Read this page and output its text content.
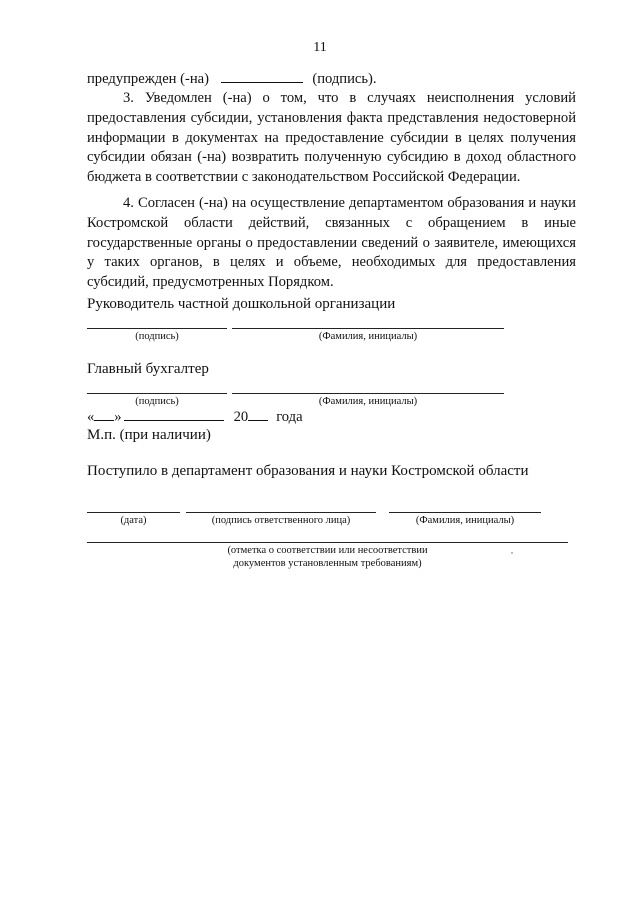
11
предупрежден (-на)	(подпись).
3. Уведомлен (-на) о том, что в случаях неисполнения условий предоставления субсидии, установления факта представления недостоверной информации в документах на предоставление субсидии в целях получения субсидии обязан (-на) возвратить полученную субсидию в доход областного бюджета в соответствии с законодательством Российской Федерации.
4. Согласен (-на) на осуществление департаментом образования и науки Костромской области действий, связанных с обращением в иные государственные органы о предоставлении сведений о заявителе, имеющихся у таких органов, в целях и объеме, необходимых для предоставления субсидий, предусмотренных Порядком.
Руководитель частной дошкольной организации
(подпись)	(Фамилия, инициалы)
Главный бухгалтер
(подпись)	(Фамилия, инициалы)
« »	20 года
М.п. (при наличии)
Поступило в департамент образования и науки Костромской области
(дата)	(подпись ответственного лица)	(Фамилия, инициалы)
(отметка о соответствии или несоответствии
документов установленным требованиям)
